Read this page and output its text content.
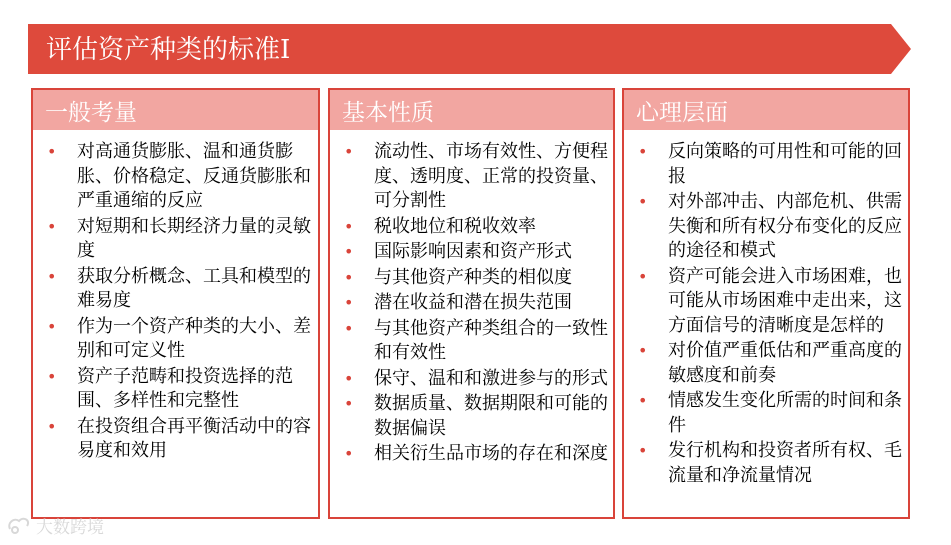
评估资产种类的标准Ⅰ
一般考量
• 对高通货膨胀、温和通货膨胀、价格稳定、反通货膨胀和严重通缩的反应
• 对短期和长期经济力量的灵敏度
• 获取分析概念、工具和模型的难易度
• 作为一个资产种类的大小、差别和可定义性
• 资产子范畴和投资选择的范围、多样性和完整性
• 在投资组合再平衡活动中的容易度和效用
基本性质
• 流动性、市场有效性、方便程度、透明度、正常的投资量、可分割性
• 税收地位和税收效率
• 国际影响因素和资产形式
• 与其他资产种类的相似度
• 潜在收益和潜在损失范围
• 与其他资产种类组合的一致性和有效性
• 保守、温和和激进参与的形式
• 数据质量、数据期限和可能的数据偏误
• 相关衍生品市场的存在和深度
心理层面
• 反向策略的可用性和可能的回报
• 对外部冲击、内部危机、供需失衡和所有权分布变化的反应的途径和模式
• 资产可能会进入市场困难，也可能从市场困难中走出来，这方面信号的清晰度是怎样的
• 对价值严重低估和严重高度的敏感度和前奏
• 情感发生变化所需的时间和条件
• 发行机构和投资者所有权、毛流量和净流量情况
大数跨境
